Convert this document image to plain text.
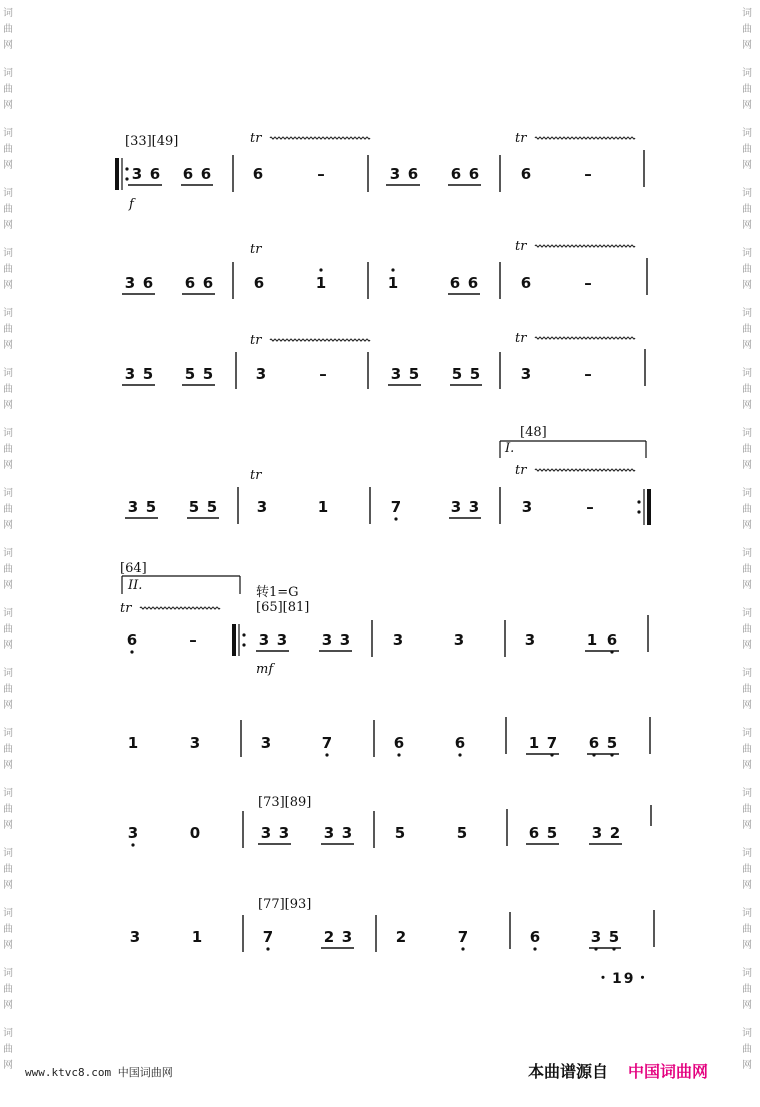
词
曲
网
词
曲
网
词
曲
网
词
曲
网
词
曲
网
词
曲
网
词
曲
网
词
曲
网
词
曲
网
词
曲
网
词
曲
网
词
曲
网
词
曲
网
词
曲
网
词
曲
网
词
曲
网
词
曲
网
词
曲
网
词
曲
网
词
曲
网
词
曲
网
词
曲
网
词
曲
网
词
曲
网
词
曲
网
词
曲
网
词
曲
网
词
曲
网
词
曲
网
词
曲
网
词
曲
网
词
曲
网
词
曲
网
词
曲
网
词
曲
网
词
曲
网
[33][49]
3 6 6 6
tr
6	–	3 6 6 6
tr
6	–
f
3 6 6 6
tr
6	1	1	6 6
tr
6	–
3 5 5 5
tr
3	–	3 5 5 5
tr
3	–
[48]
I.
3 5 5 5
tr
3	1	7	3 3
tr
3	–
[64]
II.	转1=G
tr
6	–
[65][81]
3 3 3 3	3	3	3	1 6
mf
1	3	3	7	6	6	1 7 6 5
[73][89]
3	0	3 3 3 3	5	5	6 5 3 2
[77][93]
3	1	7	2 3	2	7	6	3 5
・19・
www.ktvc8.com 中国词曲网	本曲谱源自 中国词曲网
